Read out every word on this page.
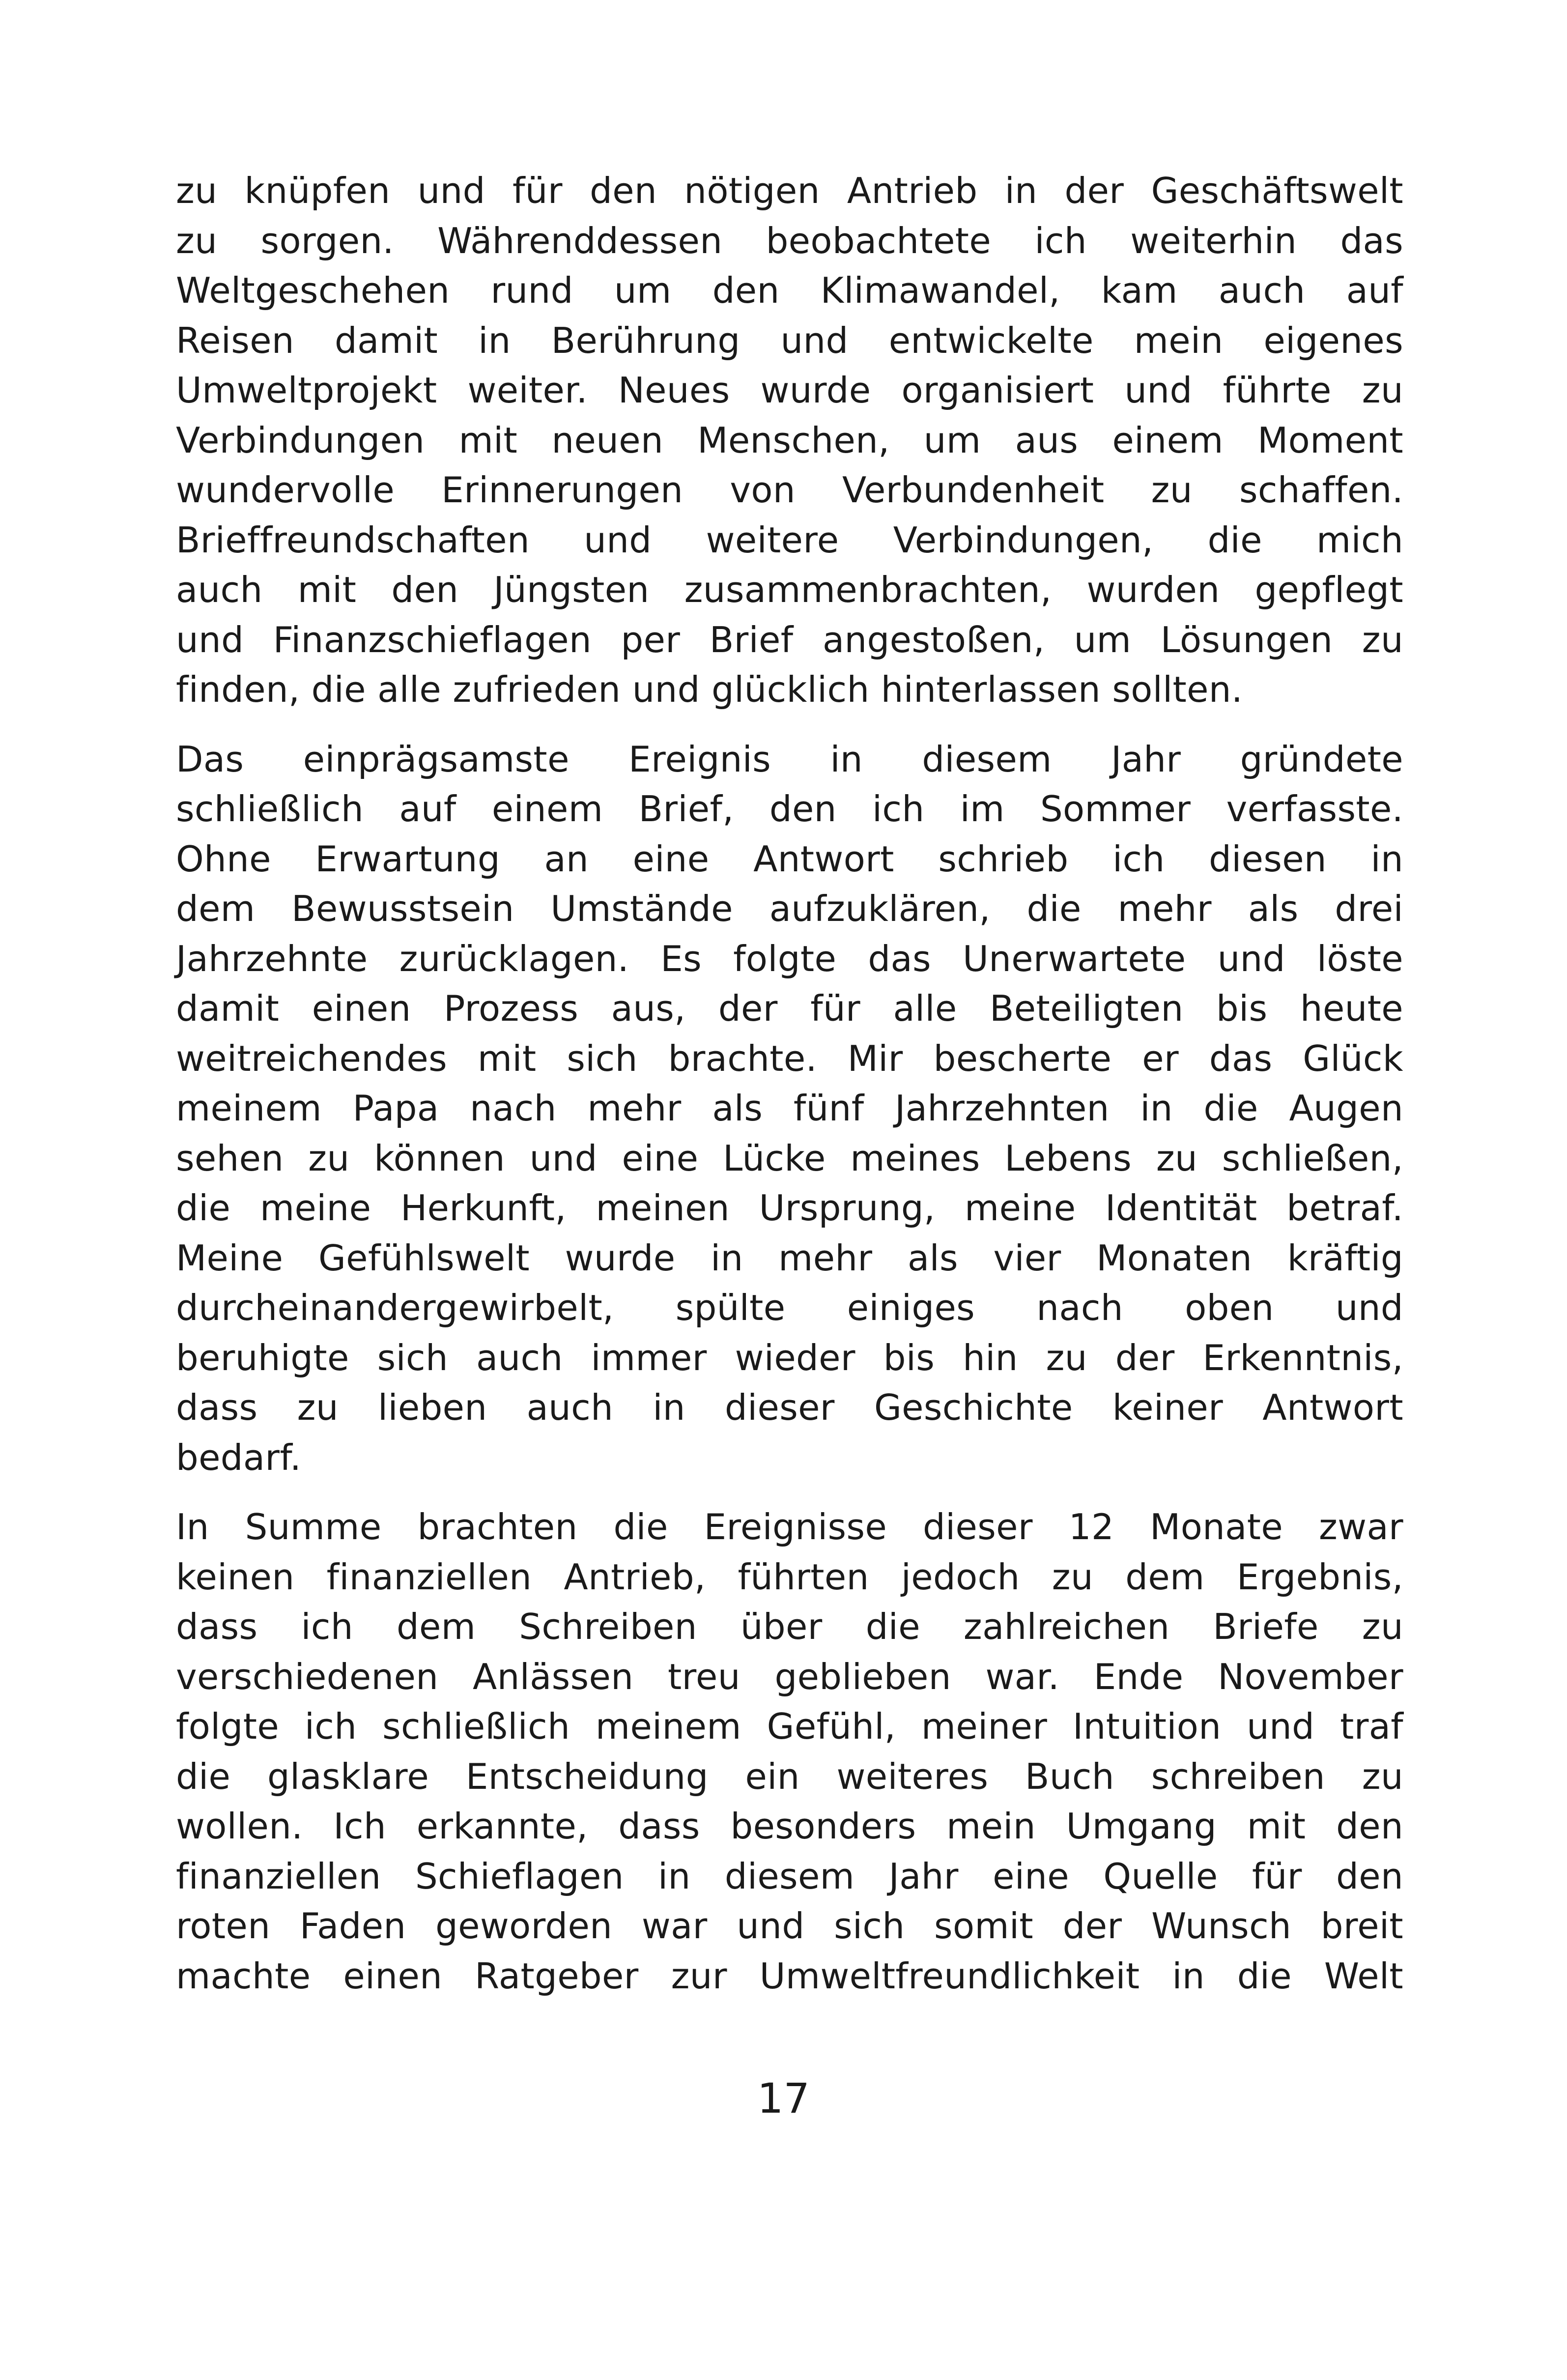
zu knüpfen und für den nötigen Antrieb in der Geschäftswelt
zu sorgen. Währenddessen beobachtete ich weiterhin das
Weltgeschehen rund um den Klimawandel, kam auch auf
Reisen damit in Berührung und entwickelte mein eigenes
Umweltprojekt weiter. Neues wurde organisiert und führte zu
Verbindungen mit neuen Menschen, um aus einem Moment
wundervolle Erinnerungen von Verbundenheit zu schaffen.
Brieffreundschaften und weitere Verbindungen, die mich
auch mit den Jüngsten zusammenbrachten, wurden gepflegt
und Finanzschieflagen per Brief angestoßen, um Lösungen zu
finden, die alle zufrieden und glücklich hinterlassen sollten.
Das einprägsamste Ereignis in diesem Jahr gründete
schließlich auf einem Brief, den ich im Sommer verfasste.
Ohne Erwartung an eine Antwort schrieb ich diesen in
dem Bewusstsein Umstände aufzuklären, die mehr als drei
Jahrzehnte zurücklagen. Es folgte das Unerwartete und löste
damit einen Prozess aus, der für alle Beteiligten bis heute
weitreichendes mit sich brachte. Mir bescherte er das Glück
meinem Papa nach mehr als fünf Jahrzehnten in die Augen
sehen zu können und eine Lücke meines Lebens zu schließen,
die meine Herkunft, meinen Ursprung, meine Identität betraf.
Meine Gefühlswelt wurde in mehr als vier Monaten kräftig
durcheinandergewirbelt, spülte einiges nach oben und
beruhigte sich auch immer wieder bis hin zu der Erkenntnis,
dass zu lieben auch in dieser Geschichte keiner Antwort
bedarf.
In Summe brachten die Ereignisse dieser 12 Monate zwar
keinen finanziellen Antrieb, führten jedoch zu dem Ergebnis,
dass ich dem Schreiben über die zahlreichen Briefe zu
verschiedenen Anlässen treu geblieben war. Ende November
folgte ich schließlich meinem Gefühl, meiner Intuition und traf
die glasklare Entscheidung ein weiteres Buch schreiben zu
wollen. Ich erkannte, dass besonders mein Umgang mit den
finanziellen Schieflagen in diesem Jahr eine Quelle für den
roten Faden geworden war und sich somit der Wunsch breit
machte einen Ratgeber zur Umweltfreundlichkeit in die Welt
17
